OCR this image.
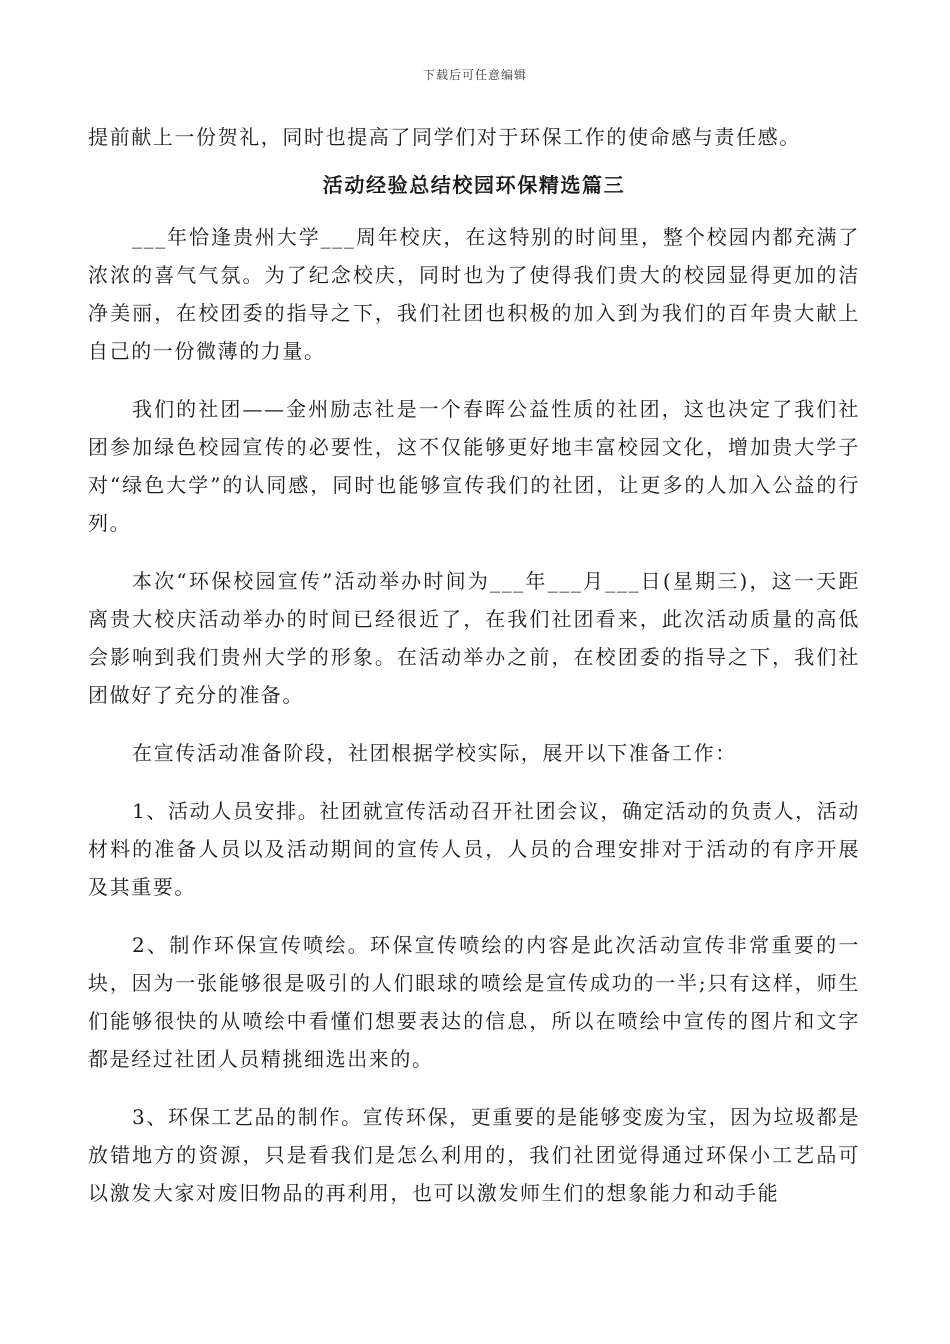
下载后可任意编辑

提前献上一份贺礼，同时也提高了同学们对于环保工作的使命感与责任感。

活动经验总结校园环保精选篇三

___年恰逢贵州大学___周年校庆，在这特别的时间里，整个校园内都充满了浓浓的喜气气氛。为了纪念校庆，同时也为了使得我们贵大的校园显得更加的洁净美丽，在校团委的指导之下，我们社团也积极的加入到为我们的百年贵大献上自己的一份微薄的力量。

我们的社团——金州励志社是一个春晖公益性质的社团，这也决定了我们社团参加绿色校园宣传的必要性，这不仅能够更好地丰富校园文化，增加贵大学子对“绿色大学”的认同感，同时也能够宣传我们的社团，让更多的人加入公益的行列。

本次“环保校园宣传”活动举办时间为___年___月___日(星期三)，这一天距离贵大校庆活动举办的时间已经很近了，在我们社团看来，此次活动质量的高低会影响到我们贵州大学的形象。在活动举办之前，在校团委的指导之下，我们社团做好了充分的准备。

在宣传活动准备阶段，社团根据学校实际，展开以下准备工作：

1、活动人员安排。社团就宣传活动召开社团会议，确定活动的负责人，活动材料的准备人员以及活动期间的宣传人员，人员的合理安排对于活动的有序开展及其重要。

2、制作环保宣传喷绘。环保宣传喷绘的内容是此次活动宣传非常重要的一块，因为一张能够很是吸引的人们眼球的喷绘是宣传成功的一半;只有这样，师生们能够很快的从喷绘中看懂们想要表达的信息，所以在喷绘中宣传的图片和文字都是经过社团人员精挑细选出来的。

3、环保工艺品的制作。宣传环保，更重要的是能够变废为宝，因为垃圾都是放错地方的资源，只是看我们是怎么利用的，我们社团觉得通过环保小工艺品可以激发大家对废旧物品的再利用，也可以激发师生们的想象能力和动手能
